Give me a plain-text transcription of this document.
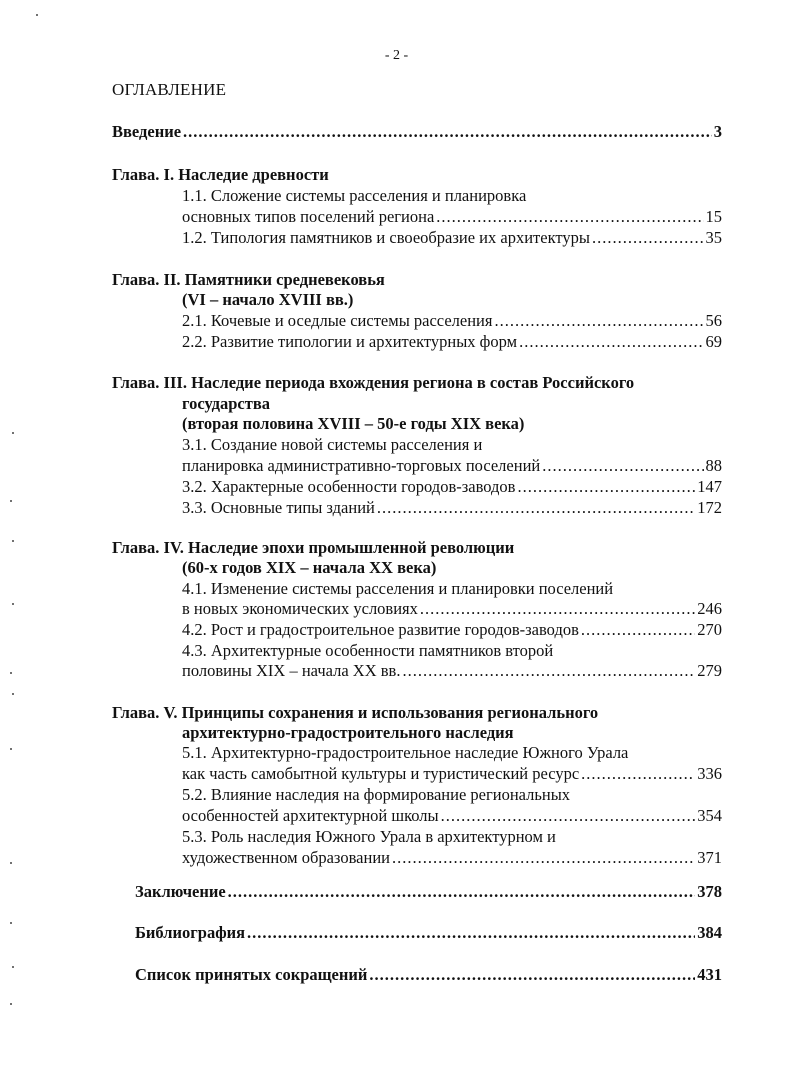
- 2 -
ОГЛАВЛЕНИЕ
Введение .....	3
Глава. I. Наследие древности
1.1. Сложение системы расселения и планировка
основных типов поселений региона .....	15
1.2. Типология памятников и своеобразие их архитектуры .....	35
Глава. II. Памятники средневековья
(VI – начало XVIII вв.)
2.1. Кочевые и оседлые системы расселения .....	56
2.2. Развитие типологии и архитектурных форм .....	69
Глава. III. Наследие периода вхождения региона в состав Российского
государства
(вторая половина XVIII – 50-е годы XIX века)
3.1. Создание новой системы расселения и
планировка административно-торговых поселений .....	88
3.2. Характерные особенности городов-заводов .....	147
3.3. Основные типы зданий .....	172
Глава. IV. Наследие эпохи промышленной революции
(60-х годов XIX – начала XX века)
4.1. Изменение системы расселения и планировки поселений
в новых экономических условиях .....	246
4.2. Рост и градостроительное развитие городов-заводов .....	270
4.3. Архитектурные особенности памятников второй
половины XIX – начала XX вв. .....	279
Глава. V. Принципы сохранения и использования регионального
архитектурно-градостроительного наследия
5.1. Архитектурно-градостроительное наследие Южного Урала
как часть самобытной культуры и туристический ресурс .....	336
5.2. Влияние наследия на формирование региональных
особенностей архитектурной школы .....	354
5.3. Роль наследия Южного Урала в архитектурном и
художественном образовании .....	371
Заключение .....	378
Библиография .....	384
Список принятых сокращений .....	431
